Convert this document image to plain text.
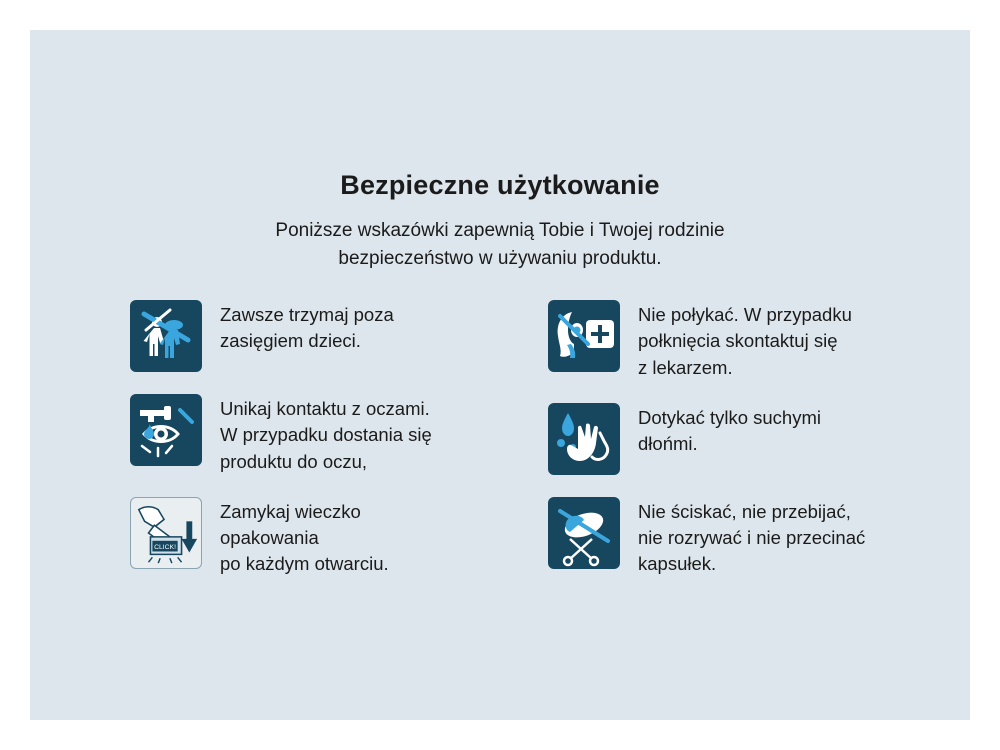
Bezpieczne użytkowanie
Poniższe wskazówki zapewnią Tobie i Twojej rodzinie
bezpieczeństwo w używaniu produktu.
Zawsze trzymaj poza
zasięgiem dzieci.
Unikaj kontaktu z oczami.
W przypadku dostania się
produktu do oczu,
CLICK!
Zamykaj wieczko
opakowania
po każdym otwarciu.
Nie połykać. W przypadku
połknięcia skontaktuj się
z lekarzem.
Dotykać tylko suchymi
dłońmi.
Nie ściskać, nie przebijać,
nie rozrywać i nie przecinać
kapsułek.
